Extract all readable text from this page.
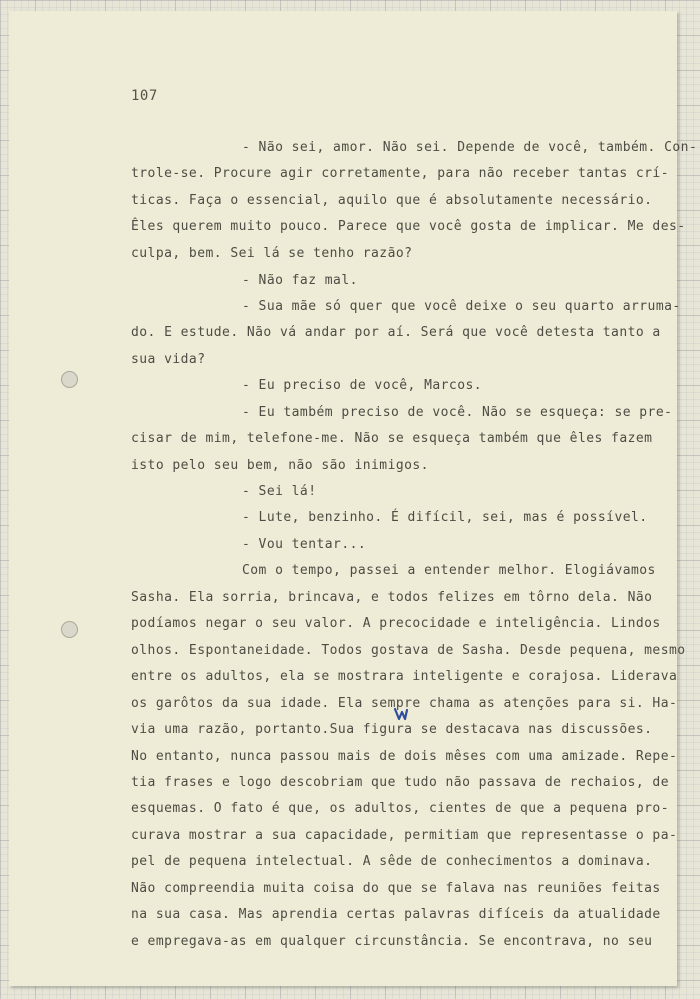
107

- Não sei, amor. Não sei. Depende de você, também. Con-

trole-se. Procure agir corretamente, para não receber tantas crí-

ticas. Faça o essencial, aquilo que é absolutamente necessário.

Êles querem muito pouco. Parece que você gosta de implicar. Me des-

culpa, bem. Sei lá se tenho razão?

- Não faz mal.

- Sua mãe só quer que você deixe o seu quarto arruma-

do. E estude. Não vá andar por aí. Será que você detesta tanto a

sua vida?

- Eu preciso de você, Marcos.

- Eu também preciso de você. Não se esqueça: se pre-

cisar de mim, telefone-me. Não se esqueça também que êles fazem

isto pelo seu bem, não são inimigos.

- Sei lá!

- Lute, benzinho. É difícil, sei, mas é possível.

- Vou tentar...

Com o tempo, passei a entender melhor. Elogiávamos

Sasha. Ela sorria, brincava, e todos felizes em tôrno dela. Não

podíamos negar o seu valor. A precocidade e inteligência. Lindos

olhos. Espontaneidade. Todos gostava de Sasha. Desde pequena, mesmo

entre os adultos, ela se mostrara inteligente e corajosa. Liderava

os garôtos da sua idade. Ela sempre chama as atenções para si. Ha-

via uma razão, portanto.Sua figura se destacava nas discussões.

No entanto, nunca passou mais de dois mêses com uma amizade. Repe-

tia frases e logo descobriam que tudo não passava de rechaios, de

esquemas. O fato é que, os adultos, cientes de que a pequena pro-

curava mostrar a sua capacidade, permitiam que representasse o pa-

pel de pequena intelectual. A sêde de conhecimentos a dominava.

Não compreendia muita coisa do que se falava nas reuniões feitas

na sua casa. Mas aprendia certas palavras difíceis da atualidade

e empregava-as em qualquer circunstância. Se encontrava, no seu
